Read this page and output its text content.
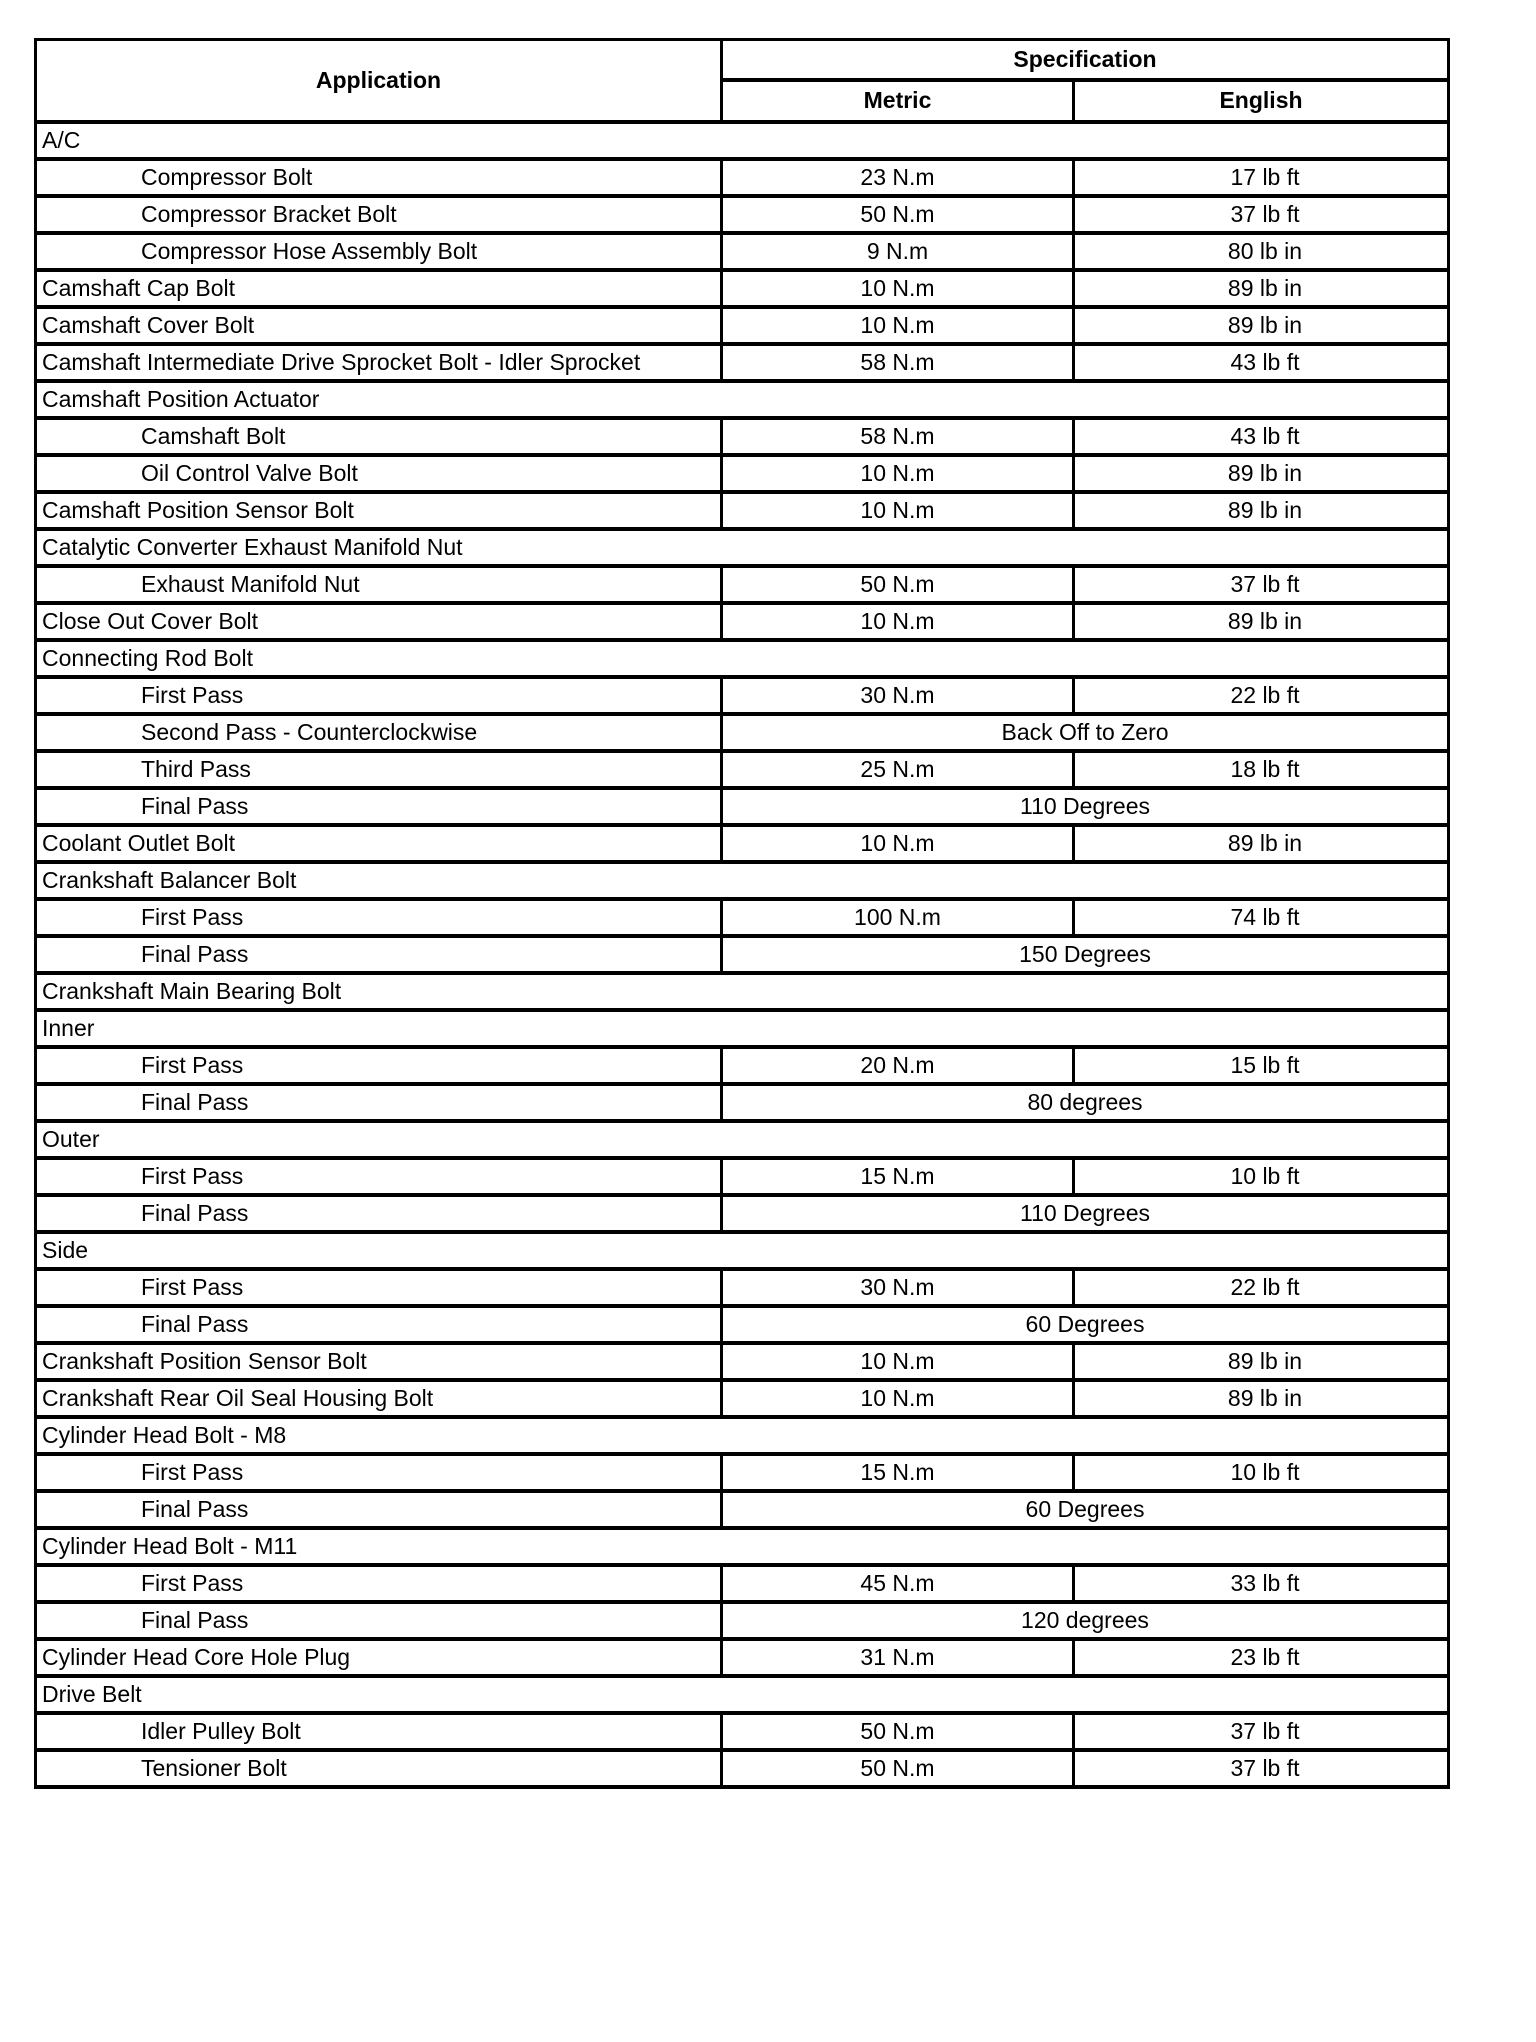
Application	Specification	
	Metric	English
A/C		
Compressor Bolt	23 N.m	17 lb ft
Compressor Bracket Bolt	50 N.m	37 lb ft
Compressor Hose Assembly Bolt	9 N.m	80 lb in
Camshaft Cap Bolt	10 N.m	89 lb in
Camshaft Cover Bolt	10 N.m	89 lb in
Camshaft Intermediate Drive Sprocket Bolt - Idler Sprocket	58 N.m	43 lb ft
Camshaft Position Actuator		
Camshaft Bolt	58 N.m	43 lb ft
Oil Control Valve Bolt	10 N.m	89 lb in
Camshaft Position Sensor Bolt	10 N.m	89 lb in
Catalytic Converter Exhaust Manifold Nut		
Exhaust Manifold Nut	50 N.m	37 lb ft
Close Out Cover Bolt	10 N.m	89 lb in
Connecting Rod Bolt		
First Pass	30 N.m	22 lb ft
Second Pass - Counterclockwise	Back Off to Zero	
Third Pass	25 N.m	18 lb ft
Final Pass	110 Degrees	
Coolant Outlet Bolt	10 N.m	89 lb in
Crankshaft Balancer Bolt		
First Pass	100 N.m	74 lb ft
Final Pass	150 Degrees	
Crankshaft Main Bearing Bolt		
Inner		
First Pass	20 N.m	15 lb ft
Final Pass	80 degrees	
Outer		
First Pass	15 N.m	10 lb ft
Final Pass	110 Degrees	
Side		
First Pass	30 N.m	22 lb ft
Final Pass	60 Degrees	
Crankshaft Position Sensor Bolt	10 N.m	89 lb in
Crankshaft Rear Oil Seal Housing Bolt	10 N.m	89 lb in
Cylinder Head Bolt - M8		
First Pass	15 N.m	10 lb ft
Final Pass	60 Degrees	
Cylinder Head Bolt - M11		
First Pass	45 N.m	33 lb ft
Final Pass	120 degrees	
Cylinder Head Core Hole Plug	31 N.m	23 lb ft
Drive Belt		
Idler Pulley Bolt	50 N.m	37 lb ft
Tensioner Bolt	50 N.m	37 lb ft
